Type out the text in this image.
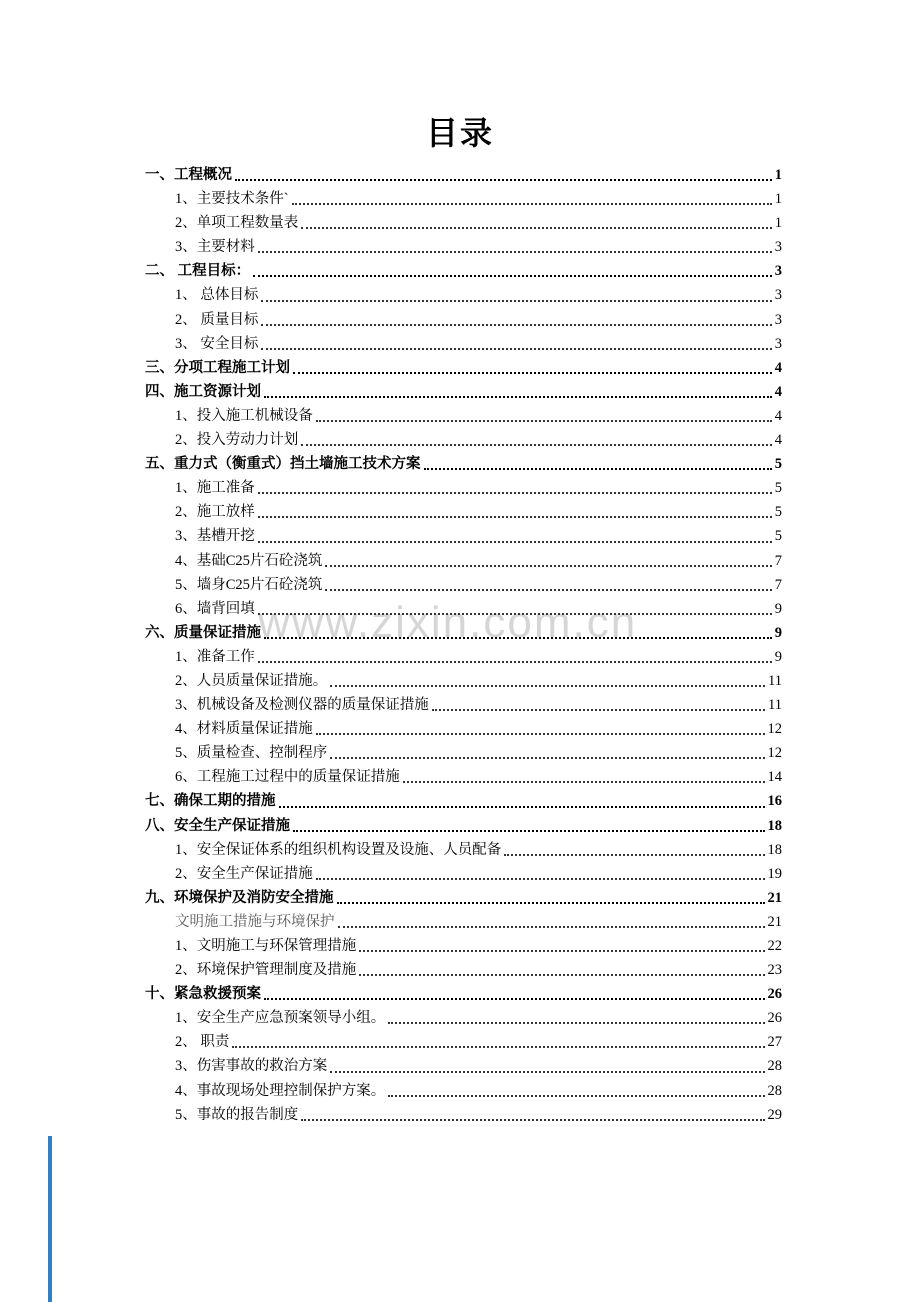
www.zixin.com.cn
目录
一、工程概况	1
1、主要技术条件`	1
2、单项工程数量表	1
3、主要材料	3
二、 工程目标：	3
1、 总体目标	3
2、 质量目标	3
3、 安全目标	3
三、分项工程施工计划	4
四、施工资源计划	4
1、投入施工机械设备	4
2、投入劳动力计划	4
五、重力式（衡重式）挡土墙施工技术方案	5
1、施工准备	5
2、施工放样	5
3、基槽开挖	5
4、基础C25片石砼浇筑	7
5、墙身C25片石砼浇筑	7
6、墙背回填	9
六、质量保证措施	9
1、准备工作	9
2、人员质量保证措施。	11
3、机械设备及检测仪器的质量保证措施	11
4、材料质量保证措施	12
5、质量检查、控制程序	12
6、工程施工过程中的质量保证措施	14
七、确保工期的措施	16
八、安全生产保证措施	18
1、安全保证体系的组织机构设置及设施、人员配备	18
2、安全生产保证措施	19
九、环境保护及消防安全措施	21
文明施工措施与环境保护	21
1、文明施工与环保管理措施	22
2、环境保护管理制度及措施	23
十、紧急救援预案	26
1、安全生产应急预案领导小组。	26
2、 职责	27
3、伤害事故的救治方案	28
4、事故现场处理控制保护方案。	28
5、事故的报告制度	29
